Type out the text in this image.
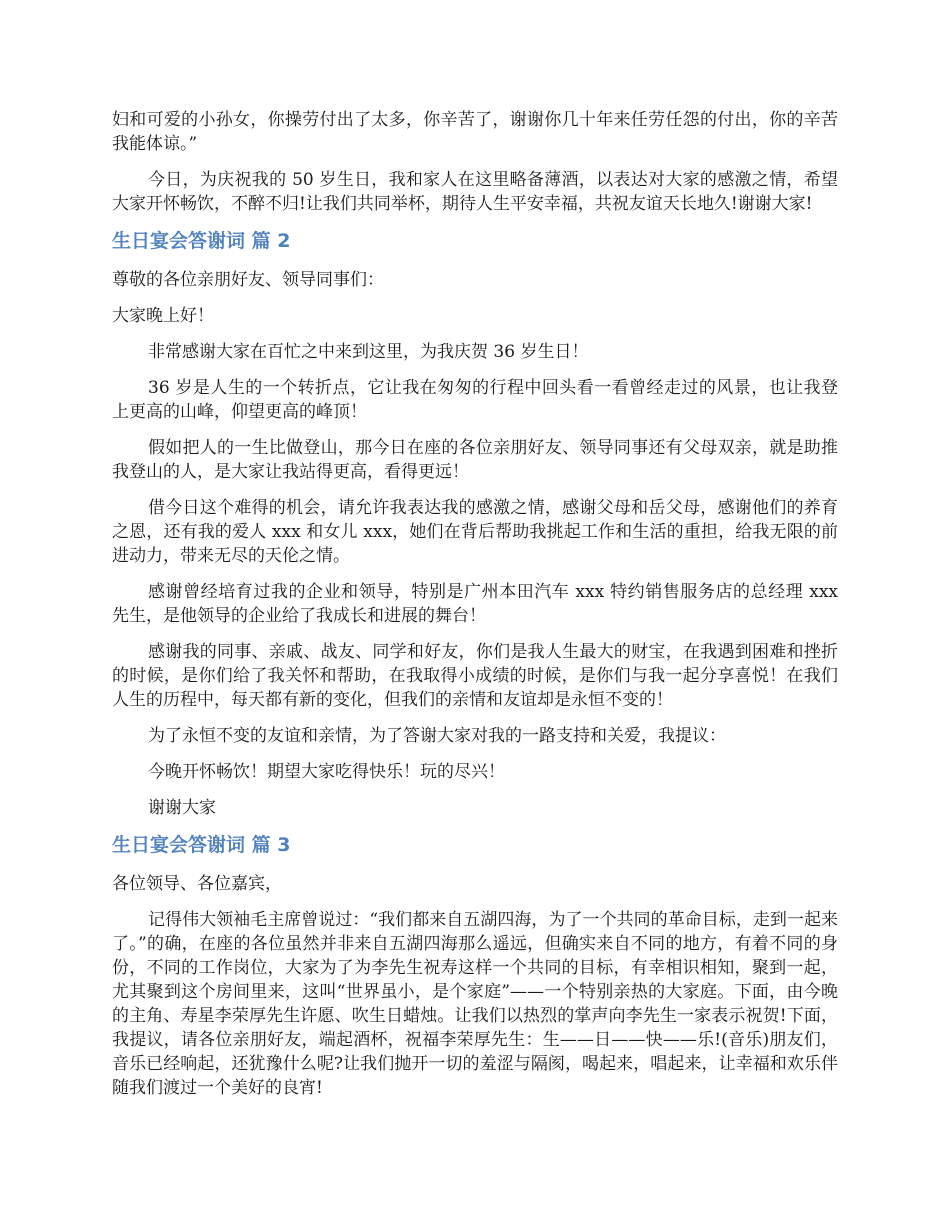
妇和可爱的小孙女，你操劳付出了太多，你辛苦了，谢谢你几十年来任劳任怨的付出，你的辛苦我能体谅。”

今日，为庆祝我的 50 岁生日，我和家人在这里略备薄酒，以表达对大家的感激之情，希望大家开怀畅饮，不醉不归!让我们共同举杯，期待人生平安幸福，共祝友谊天长地久!谢谢大家!

生日宴会答谢词 篇 2

尊敬的各位亲朋好友、领导同事们：

大家晚上好！

非常感谢大家在百忙之中来到这里，为我庆贺 36 岁生日！

36 岁是人生的一个转折点，它让我在匆匆的行程中回头看一看曾经走过的风景，也让我登上更高的山峰，仰望更高的峰顶！

假如把人的一生比做登山，那今日在座的各位亲朋好友、领导同事还有父母双亲，就是助推我登山的人，是大家让我站得更高，看得更远！

借今日这个难得的机会，请允许我表达我的感激之情，感谢父母和岳父母，感谢他们的养育之恩，还有我的爱人 xxx 和女儿 xxx，她们在背后帮助我挑起工作和生活的重担，给我无限的前进动力，带来无尽的天伦之情。

感谢曾经培育过我的企业和领导，特别是广州本田汽车 xxx 特约销售服务店的总经理 xxx 先生，是他领导的企业给了我成长和进展的舞台！

感谢我的同事、亲戚、战友、同学和好友，你们是我人生最大的财宝，在我遇到困难和挫折的时候，是你们给了我关怀和帮助，在我取得小成绩的时候，是你们与我一起分享喜悦！在我们人生的历程中，每天都有新的变化，但我们的亲情和友谊却是永恒不变的！

为了永恒不变的友谊和亲情，为了答谢大家对我的一路支持和关爱，我提议：

今晚开怀畅饮！期望大家吃得快乐！玩的尽兴！

谢谢大家

生日宴会答谢词 篇 3

各位领导、各位嘉宾，

记得伟大领袖毛主席曾说过：“我们都来自五湖四海，为了一个共同的革命目标，走到一起来了。”的确，在座的各位虽然并非来自五湖四海那么遥远，但确实来自不同的地方，有着不同的身份，不同的工作岗位，大家为了为李先生祝寿这样一个共同的目标，有幸相识相知，聚到一起，尤其聚到这个房间里来，这叫“世界虽小，是个家庭”——一个特别亲热的大家庭。下面，由今晚的主角、寿星李荣厚先生许愿、吹生日蜡烛。让我们以热烈的掌声向李先生一家表示祝贺!下面，我提议，请各位亲朋好友，端起酒杯，祝福李荣厚先生：生——日——快——乐!(音乐)朋友们，音乐已经响起，还犹豫什么呢?让我们抛开一切的羞涩与隔阂，喝起来，唱起来，让幸福和欢乐伴随我们渡过一个美好的良宵!
